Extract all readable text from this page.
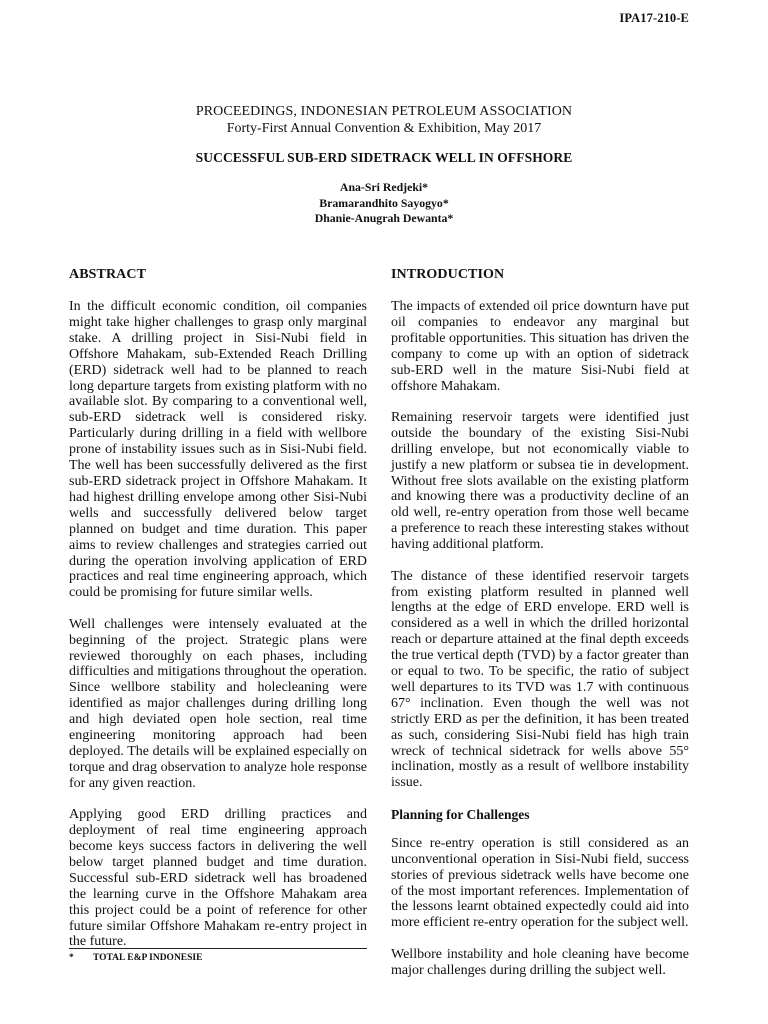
IPA17-210-E
PROCEEDINGS, INDONESIAN PETROLEUM ASSOCIATION
Forty-First Annual Convention & Exhibition, May 2017
SUCCESSFUL SUB-ERD SIDETRACK WELL IN OFFSHORE
Ana-Sri Redjeki*
Bramarandhito Sayogyo*
Dhanie-Anugrah Dewanta*
ABSTRACT

In the difficult economic condition, oil companies might take higher challenges to grasp only marginal stake. A drilling project in Sisi-Nubi field in Offshore Mahakam, sub-Extended Reach Drilling (ERD) sidetrack well had to be planned to reach long departure targets from existing platform with no available slot. By comparing to a conventional well, sub-ERD sidetrack well is considered risky. Particularly during drilling in a field with wellbore prone of instability issues such as in Sisi-Nubi field. The well has been successfully delivered as the first sub-ERD sidetrack project in Offshore Mahakam. It had highest drilling envelope among other Sisi-Nubi wells and successfully delivered below target planned on budget and time duration. This paper aims to review challenges and strategies carried out during the operation involving application of ERD practices and real time engineering approach, which could be promising for future similar wells.

Well challenges were intensely evaluated at the beginning of the project. Strategic plans were reviewed thoroughly on each phases, including difficulties and mitigations throughout the operation. Since wellbore stability and holecleaning were identified as major challenges during drilling long and high deviated open hole section, real time engineering monitoring approach had been deployed. The details will be explained especially on torque and drag observation to analyze hole response for any given reaction.

Applying good ERD drilling practices and deployment of real time engineering approach become keys success factors in delivering the well below target planned budget and time duration. Successful sub-ERD sidetrack well has broadened the learning curve in the Offshore Mahakam area this project could be a point of reference for other future similar Offshore Mahakam re-entry project in the future.

INTRODUCTION

The impacts of extended oil price downturn have put oil companies to endeavor any marginal but profitable opportunities. This situation has driven the company to come up with an option of sidetrack sub-ERD well in the mature Sisi-Nubi field at offshore Mahakam.

Remaining reservoir targets were identified just outside the boundary of the existing Sisi-Nubi drilling envelope, but not economically viable to justify a new platform or subsea tie in development. Without free slots available on the existing platform and knowing there was a productivity decline of an old well, re-entry operation from those well became a preference to reach these interesting stakes without having additional platform.

The distance of these identified reservoir targets from existing platform resulted in planned well lengths at the edge of ERD envelope. ERD well is considered as a well in which the drilled horizontal reach or departure attained at the final depth exceeds the true vertical depth (TVD) by a factor greater than or equal to two. To be specific, the ratio of subject well departures to its TVD was 1.7 with continuous 67° inclination. Even though the well was not strictly ERD as per the definition, it has been treated as such, considering Sisi-Nubi field has high train wreck of technical sidetrack for wells above 55° inclination, mostly as a result of wellbore instability issue.

Planning for Challenges

Since re-entry operation is still considered as an unconventional operation in Sisi-Nubi field, success stories of previous sidetrack wells have become one of the most important references. Implementation of the lessons learnt obtained expectedly could aid into more efficient re-entry operation for the subject well.

Wellbore instability and hole cleaning have become major challenges during drilling the subject well.

* TOTAL E&P INDONESIE
